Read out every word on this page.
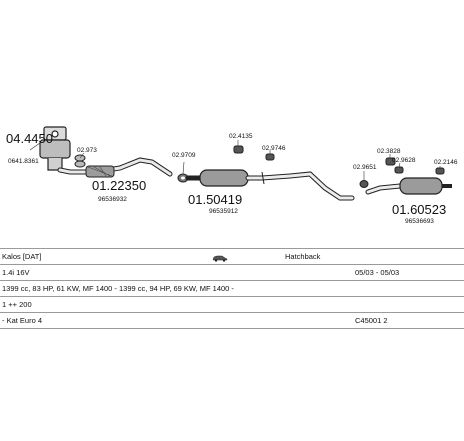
04.4450
0641.8361
02.973
01.22350
96536932
02.9709
02.4135
02.9746
01.50419
96535912
02.3828
02.9628
02.9651
02.2146
01.60523
96536693
Kalos [DAT]	Hatchback
1.4i 16V	05/03 - 05/03
1399 cc, 83 HP, 61 KW, MF 1400 - 1399 cc, 94 HP, 69 KW, MF 1400 -
1 ++ 200
- Kat Euro 4	C45001 2
